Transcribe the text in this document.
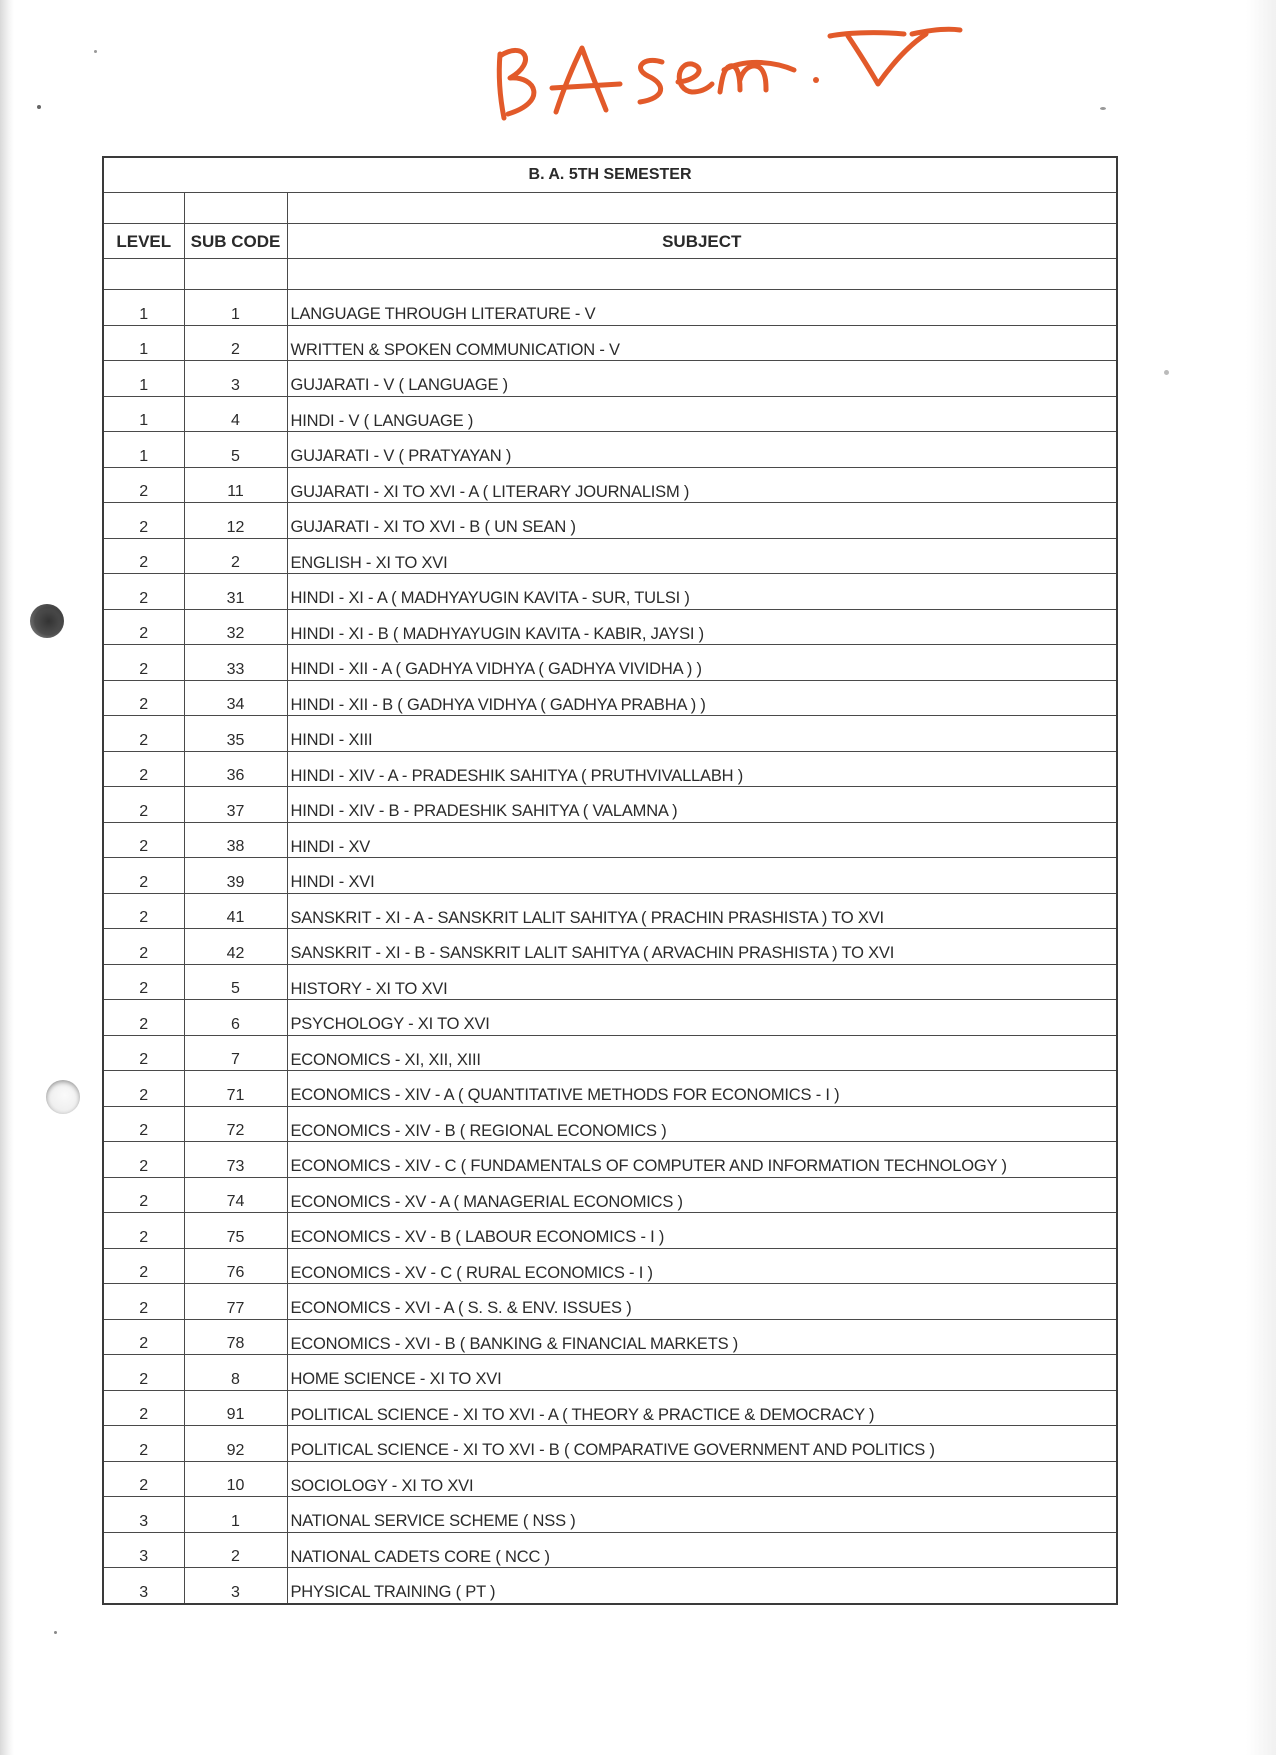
B. A. 5TH SEMESTER		

LEVEL	SUB CODE	SUBJECT

1	1	LANGUAGE THROUGH LITERATURE - V
1	2	WRITTEN & SPOKEN COMMUNICATION - V
1	3	GUJARATI - V ( LANGUAGE )
1	4	HINDI - V ( LANGUAGE )
1	5	GUJARATI - V ( PRATYAYAN )
2	11	GUJARATI - XI TO XVI - A ( LITERARY JOURNALISM )
2	12	GUJARATI - XI TO XVI - B ( UN SEAN )
2	2	ENGLISH - XI TO XVI
2	31	HINDI - XI - A ( MADHYAYUGIN KAVITA - SUR, TULSI )
2	32	HINDI - XI - B ( MADHYAYUGIN KAVITA - KABIR, JAYSI )
2	33	HINDI - XII - A ( GADHYA VIDHYA ( GADHYA VIVIDHA ) )
2	34	HINDI - XII - B ( GADHYA VIDHYA ( GADHYA PRABHA ) )
2	35	HINDI - XIII
2	36	HINDI - XIV - A - PRADESHIK SAHITYA ( PRUTHVIVALLABH )
2	37	HINDI - XIV - B - PRADESHIK SAHITYA ( VALAMNA )
2	38	HINDI - XV
2	39	HINDI - XVI
2	41	SANSKRIT - XI - A - SANSKRIT LALIT SAHITYA ( PRACHIN PRASHISTA ) TO XVI
2	42	SANSKRIT - XI - B - SANSKRIT LALIT SAHITYA ( ARVACHIN PRASHISTA ) TO XVI
2	5	HISTORY - XI TO XVI
2	6	PSYCHOLOGY - XI TO XVI
2	7	ECONOMICS - XI, XII, XIII
2	71	ECONOMICS - XIV - A ( QUANTITATIVE METHODS FOR ECONOMICS - I )
2	72	ECONOMICS - XIV - B ( REGIONAL ECONOMICS )
2	73	ECONOMICS - XIV - C ( FUNDAMENTALS OF COMPUTER AND INFORMATION TECHNOLOGY )
2	74	ECONOMICS - XV - A ( MANAGERIAL ECONOMICS )
2	75	ECONOMICS - XV - B ( LABOUR ECONOMICS - I )
2	76	ECONOMICS - XV - C ( RURAL ECONOMICS - I )
2	77	ECONOMICS - XVI - A ( S. S. & ENV. ISSUES )
2	78	ECONOMICS - XVI - B ( BANKING & FINANCIAL MARKETS )
2	8	HOME SCIENCE - XI TO XVI
2	91	POLITICAL SCIENCE - XI TO XVI - A ( THEORY & PRACTICE & DEMOCRACY )
2	92	POLITICAL SCIENCE - XI TO XVI - B ( COMPARATIVE GOVERNMENT AND POLITICS )
2	10	SOCIOLOGY - XI TO XVI
3	1	NATIONAL SERVICE SCHEME ( NSS )
3	2	NATIONAL CADETS CORE ( NCC )
3	3	PHYSICAL TRAINING ( PT )
